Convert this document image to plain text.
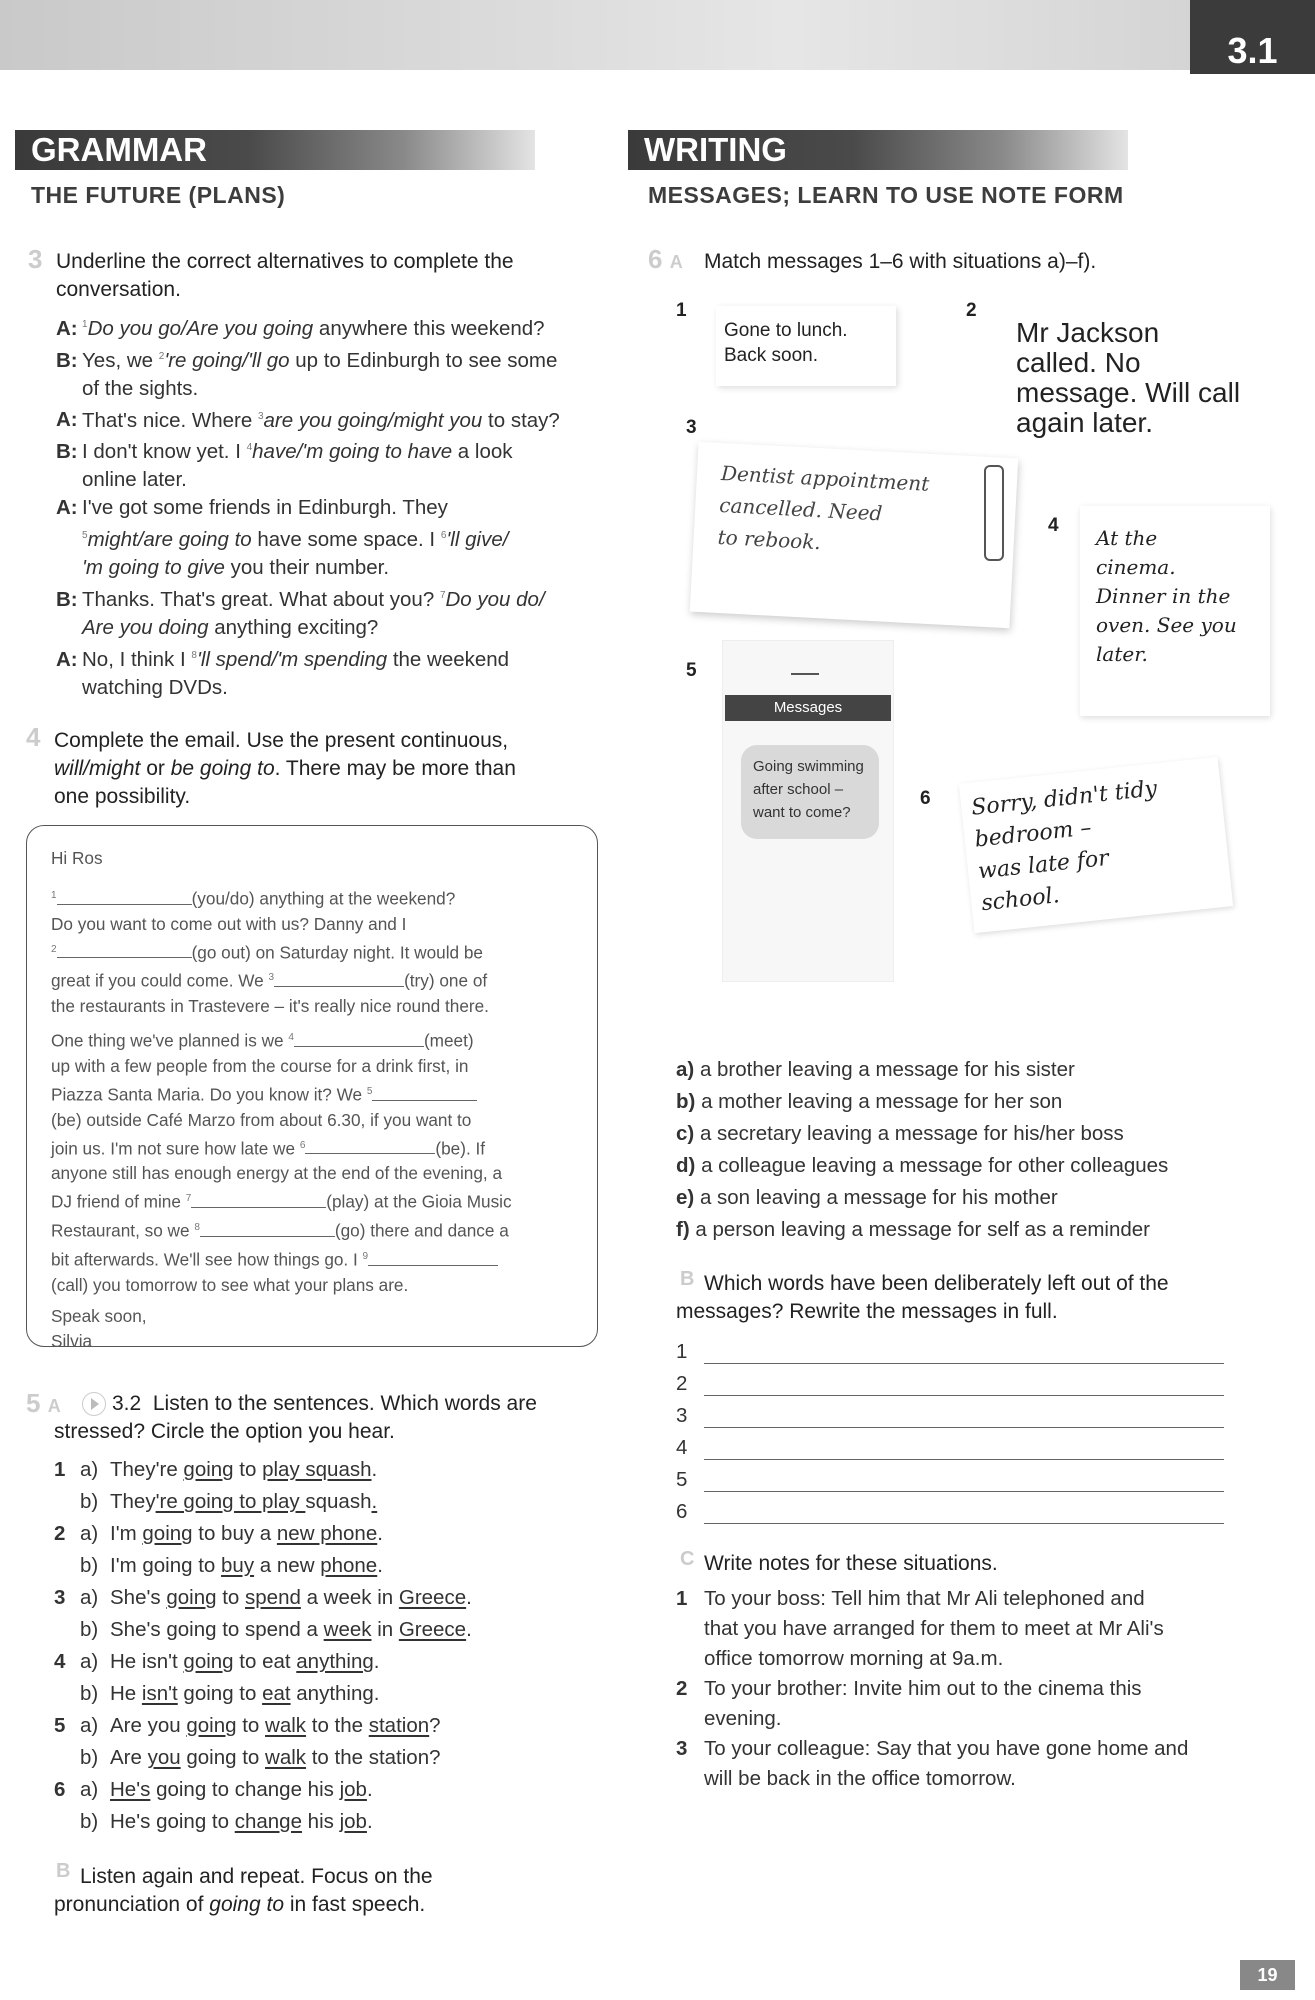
3.1
GRAMMAR
THE FUTURE (PLANS)
3 Underline the correct alternatives to complete the conversation.
A: $^1$Do you go/Are you going anywhere this weekend?
B: Yes, we $^2$'re going/'ll go up to Edinburgh to see some
of the sights.
A: That's nice. Where $^3$are you going/might you to stay?
B: I don't know yet. I $^4$have/'m going to have a look
online later.
A: I've got some friends in Edinburgh. They
$^5$might/are going to have some space. I $^6$'ll give/
'm going to give you their number.
B: Thanks. That's great. What about you? $^7$Do you do/
Are you doing anything exciting?
A: No, I think I $^8$'ll spend/'m spending the weekend
watching DVDs.
4 Complete the email. Use the present continuous,
will/might or be going to. There may be more than
one possibility.
Hi Ros
$^1$	(you/do) anything at the weekend?
Do you want to come out with us? Danny and I
$^2$	(go out) on Saturday night. It would be
great if you could come. We $^3$	(try) one of
the restaurants in Trastevere – it's really nice round there.
One thing we've planned is we $^4$	(meet)
up with a few people from the course for a drink first, in
Piazza Santa Maria. Do you know it? We $^5$
(be) outside Café Marzo from about 6.30, if you want to
join us. I'm not sure how late we $^6$	(be). If
anyone still has enough energy at the end of the evening, a
DJ friend of mine $^7$	(play) at the Gioia Music
Restaurant, so we $^8$	(go) there and dance a
bit afterwards. We'll see how things go. I $^9$
(call) you tomorrow to see what your plans are.
Speak soon,
Silvia
5 A	3.2 Listen to the sentences. Which words are
stressed? Circle the option you hear.
1 a) They're going to play squash.
b) They're going to play squash.
2 a) I'm going to buy a new phone.
b) I'm going to buy a new phone.
3 a) She's going to spend a week in Greece.
b) She's going to spend a week in Greece.
4 a) He isn't going to eat anything.
b) He isn't going to eat anything.
5 a) Are you going to walk to the station?
b) Are you going to walk to the station?
6 a) He's going to change his job.
b) He's going to change his job.
B Listen again and repeat. Focus on the
pronunciation of going to in fast speech.
WRITING
MESSAGES; LEARN TO USE NOTE FORM
6 A Match messages 1–6 with situations a)–f).
1
Gone to lunch.
Back soon.
2
Mr Jackson
called. No
message. Will call
again later.
3
Dentist appointment
cancelled. Need
to rebook.	4
At the
cinema.
Dinner in the
oven. See you
later.
5
Messages
Going swimming
after school –
want to come?
6 Sorry, didn't tidy
bedroom –
was late for
school.
a) a brother leaving a message for his sister
b) a mother leaving a message for her son
c) a secretary leaving a message for his/her boss
d) a colleague leaving a message for other colleagues
e) a son leaving a message for his mother
f) a person leaving a message for self as a reminder
B Which words have been deliberately left out of the
messages? Rewrite the messages in full.
1
2
3
4
5
6
C Write notes for these situations.
1 To your boss: Tell him that Mr Ali telephoned and
that you have arranged for them to meet at Mr Ali's
office tomorrow morning at 9a.m.
2 To your brother: Invite him out to the cinema this
evening.
3 To your colleague: Say that you have gone home and
will be back in the office tomorrow.
19
